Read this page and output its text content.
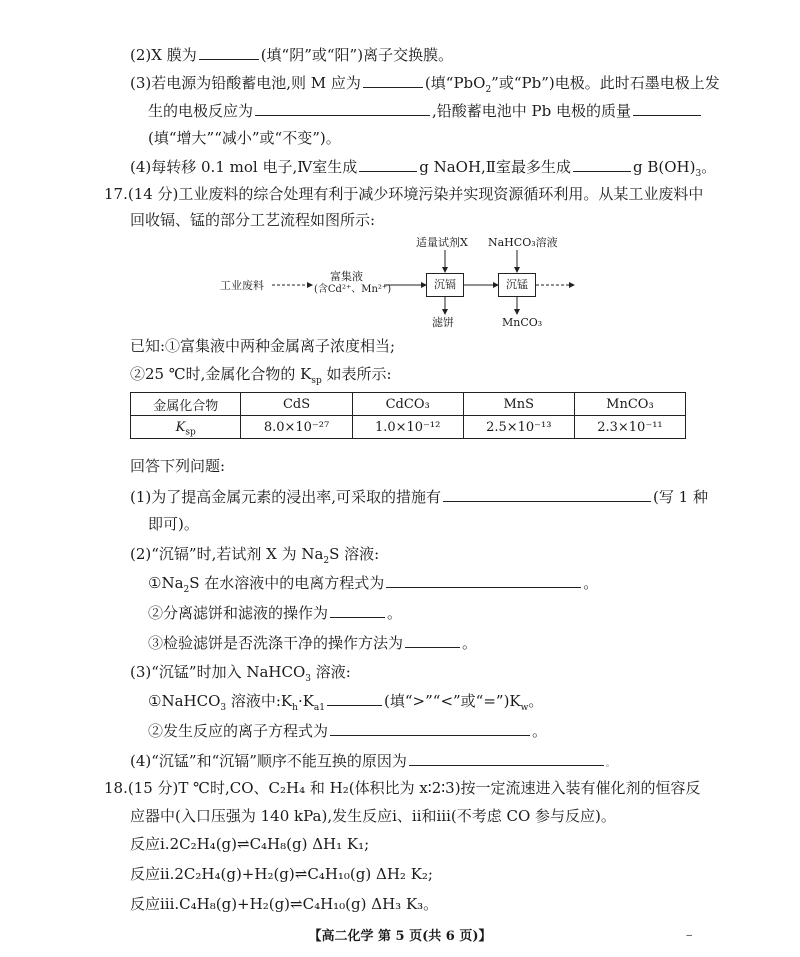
(2)X 膜为	(填“阴”或“阳”)离子交换膜。
(3)若电源为铅酸蓄电池,则 M 应为	(填“PbO$_2$”或“Pb”)电极。此时石墨电极上发
生的电极反应为	,铅酸蓄电池中 Pb 电极的质量
(填“增大”“减小”或“不变”)。
(4)每转移 0.1 mol 电子,Ⅳ室生成	g NaOH,Ⅱ室最多生成	g $B(OH)_3$。
17.(14 分)工业废料的综合处理有利于减少环境污染并实现资源循环利用。从某工业废料中
回收镉、锰的部分工艺流程如图所示:
工业废料
富集液
(含Cd²⁺、Mn²⁺)
适量试剂X NaHCO₃溶液
沉镉	沉锰
滤饼	MnCO₃
已知:①富集液中两种金属离子浓度相当;
②25 ℃时,金属化合物的 $K_{sp}$ 如表所示:
金属化合物	CdS	CdCO₃	MnS	MnCO₃
$K_{sp}$	8.0×10⁻²⁷	1.0×10⁻¹²	2.5×10⁻¹³	2.3×10⁻¹¹
回答下列问题:
(1)为了提高金属元素的浸出率,可采取的措施有	(写 1 种
即可)。
(2)“沉镉”时,若试剂 X 为 $Na_2S$ 溶液:
$①Na_2S$ 在水溶液中的电离方程式为	。
②分离滤饼和滤液的操作为	。
③检验滤饼是否洗涤干净的操作方法为	。
(3)“沉锰”时加入 NaHCO$_3$ 溶液:
①NaHCO$_3$ 溶液中$:K_h\cdot K_{a1}$	(填“>”“<”或“$=”)K_w$。
②发生反应的离子方程式为	。
(4)“沉锰”和“沉镉”顺序不能互换的原因为	。
18.(15 分)T ℃时,CO、C₂H₄ 和 H₂(体积比为 x∶2∶3)按一定流速进入装有催化剂的恒容反
应器中(入口压强为 140 kPa),发生反应ⅰ、ⅱ和ⅲ(不考虑 CO 参与反应)。
反应ⅰ.2C₂H₄(g)⇌C₄H₈(g) ΔH₁ K₁;
反应ⅱ.2C₂H₄(g)+H₂(g)⇌C₄H₁₀(g) ΔH₂ K₂;
反应ⅲ.C₄H₈(g)+H₂(g)⇌C₄H₁₀(g) ΔH₃ K₃。
【高二化学 第 5 页(共 6 页)】	‒
